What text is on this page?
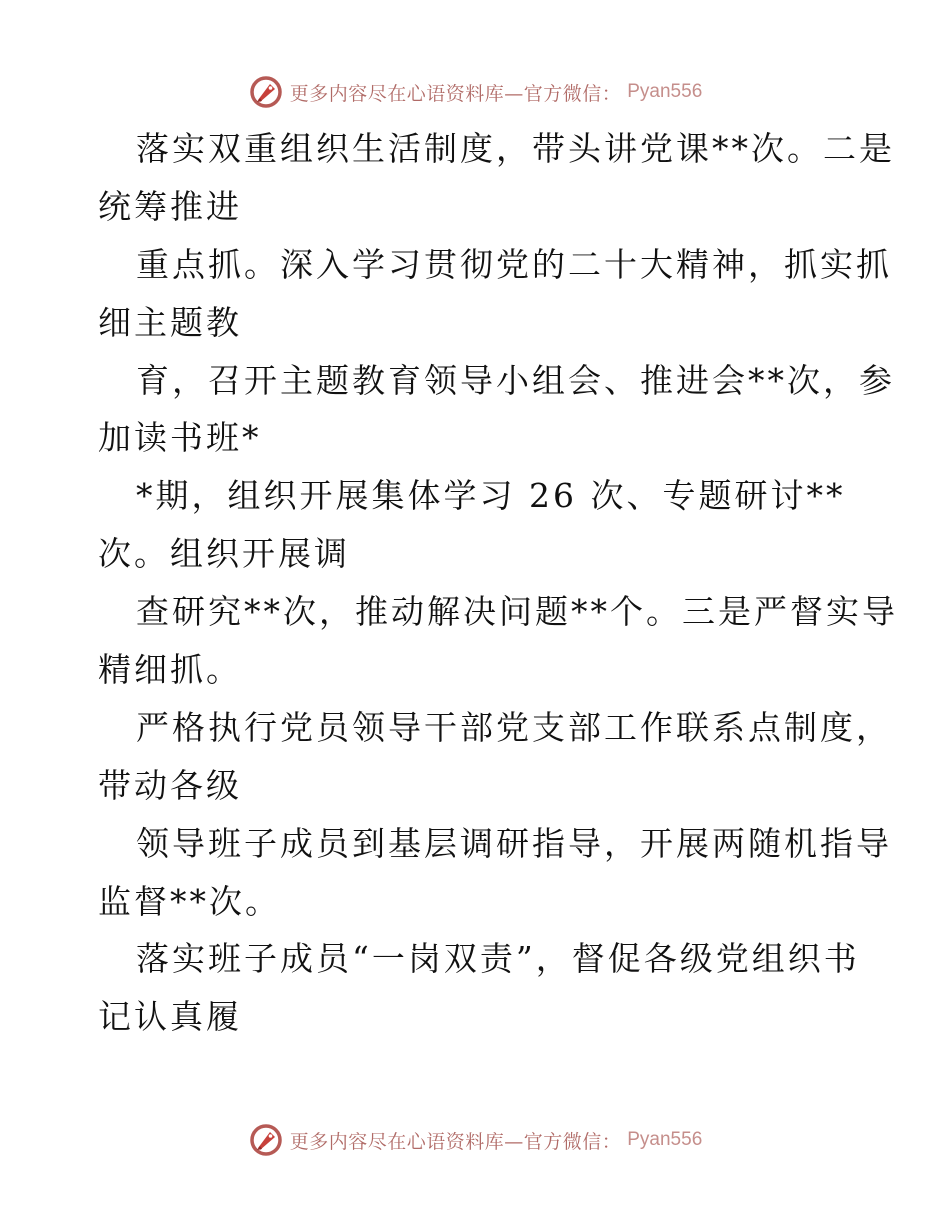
更多内容尽在心语资料库—官方微信： Pyan556
落实双重组织生活制度，带头讲党课**次。二是
统筹推进
重点抓。深入学习贯彻党的二十大精神，抓实抓
细主题教
育，召开主题教育领导小组会、推进会**次，参
加读书班*
*期，组织开展集体学习 26 次、专题研讨**
次。组织开展调
查研究**次，推动解决问题**个。三是严督实导
精细抓。
严格执行党员领导干部党支部工作联系点制度，
带动各级
领导班子成员到基层调研指导，开展两随机指导
监督**次。
落实班子成员“一岗双责”，督促各级党组织书
记认真履
更多内容尽在心语资料库—官方微信： Pyan556
